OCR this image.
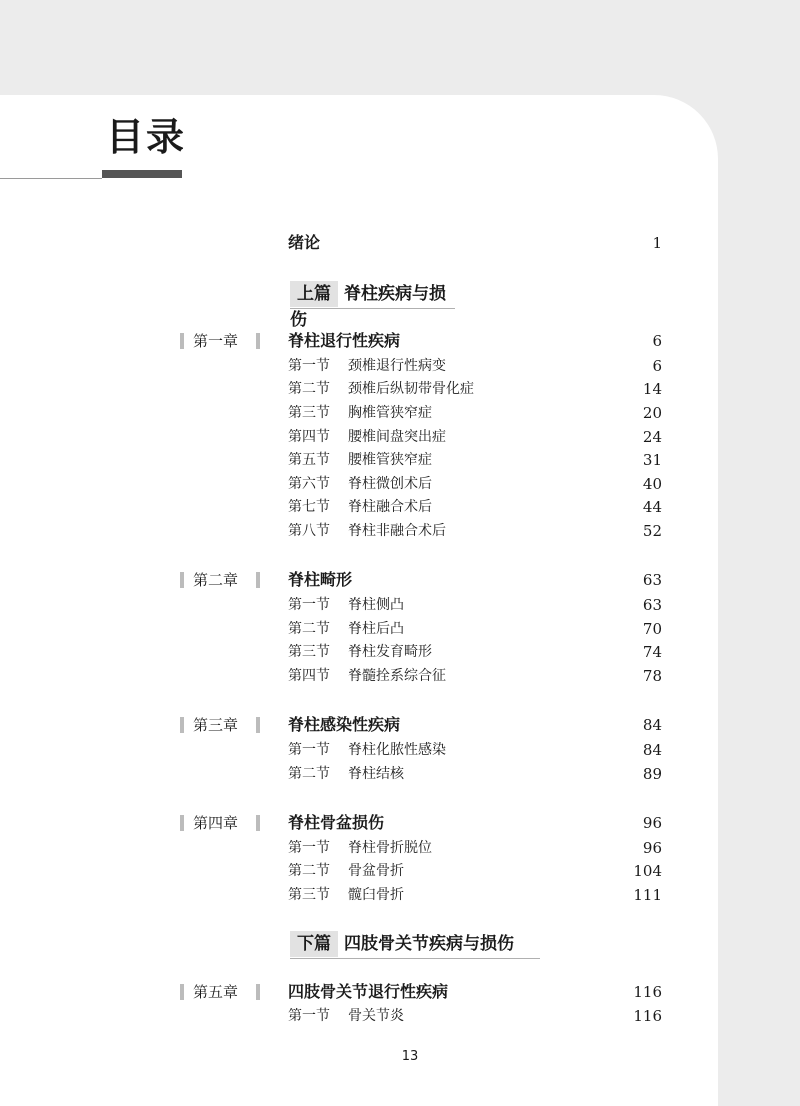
目录
绪论	1
上篇 脊柱疾病与损伤
第一章	脊柱退行性疾病	6
第一节 颈椎退行性病变	6
第二节 颈椎后纵韧带骨化症	14
第三节 胸椎管狭窄症	20
第四节 腰椎间盘突出症	24
第五节 腰椎管狭窄症	31
第六节 脊柱微创术后	40
第七节 脊柱融合术后	44
第八节 脊柱非融合术后	52
第二章	脊柱畸形	63
第一节 脊柱侧凸	63
第二节 脊柱后凸	70
第三节 脊柱发育畸形	74
第四节 脊髓拴系综合征	78
第三章	脊柱感染性疾病	84
第一节 脊柱化脓性感染	84
第二节 脊柱结核	89
第四章	脊柱骨盆损伤	96
第一节 脊柱骨折脱位	96
第二节 骨盆骨折	104
第三节 髋臼骨折	111
下篇 四肢骨关节疾病与损伤
第五章	四肢骨关节退行性疾病	116
第一节 骨关节炎	116
13
